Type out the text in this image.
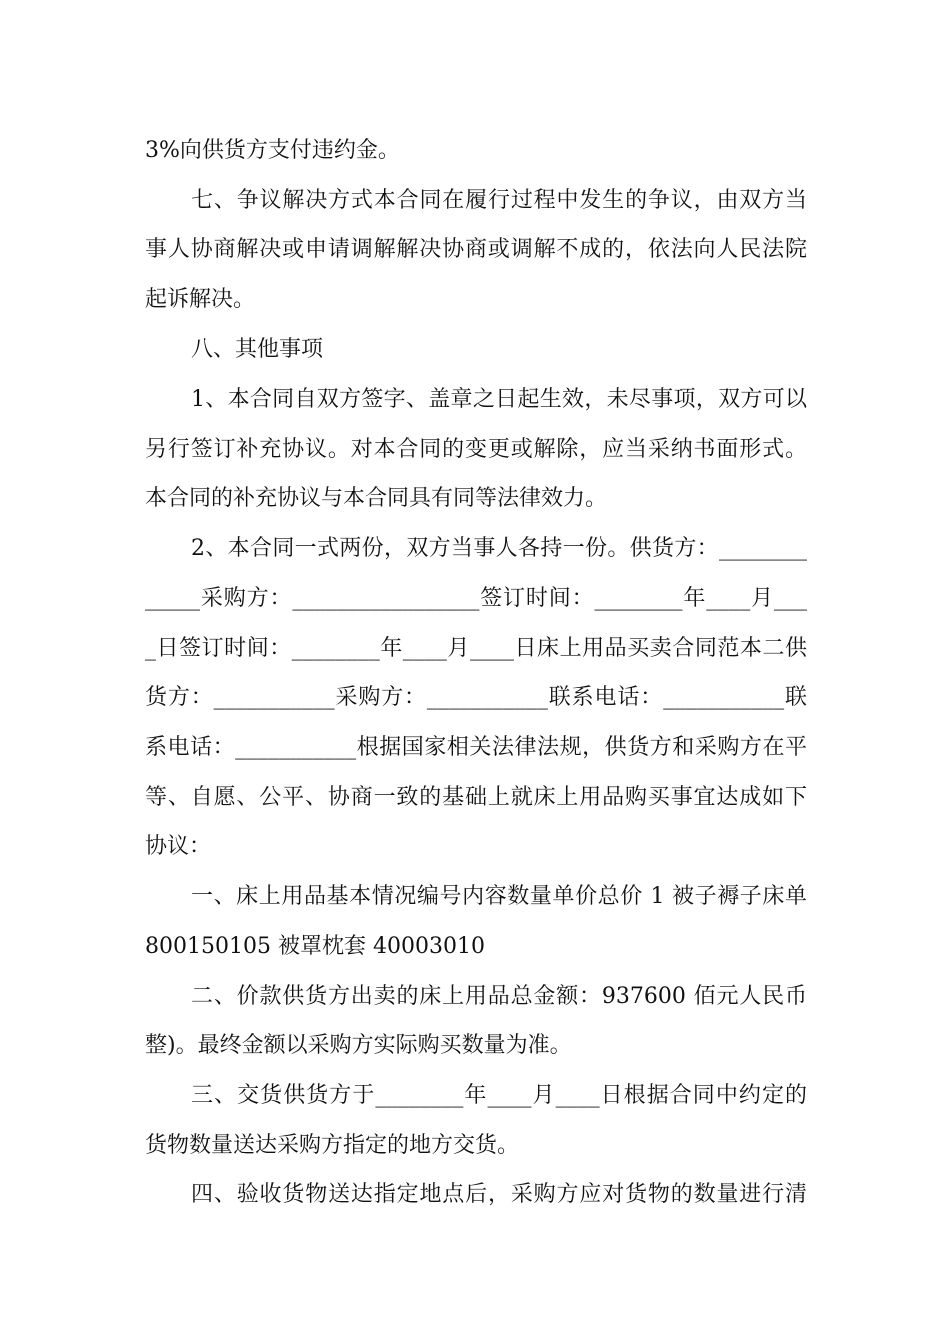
3%向供货方支付违约金。
七、争议解决方式本合同在履行过程中发生的争议，由双方当
事人协商解决或申请调解解决协商或调解不成的，依法向人民法院
起诉解决。
八、其他事项
1、本合同自双方签字、盖章之日起生效，未尽事项，双方可以
另行签订补充协议。对本合同的变更或解除，应当采纳书面形式。
本合同的补充协议与本合同具有同等法律效力。
2、本合同一式两份，双方当事人各持一份。供货方：________
_____采购方：_________________签订时间：________年____月___
_日签订时间：________年____月____日床上用品买卖合同范本二供
货方：___________采购方：___________联系电话：___________联
系电话：___________根据国家相关法律法规，供货方和采购方在平
等、自愿、公平、协商一致的基础上就床上用品购买事宜达成如下
协议：
一、床上用品基本情况编号内容数量单价总价 1 被子褥子床单
800150105 被罩枕套 40003010
二、价款供货方出卖的床上用品总金额：937600 佰元人民币
整)。最终金额以采购方实际购买数量为准。
三、交货供货方于________年____月____日根据合同中约定的
货物数量送达采购方指定的地方交货。
四、验收货物送达指定地点后，采购方应对货物的数量进行清
